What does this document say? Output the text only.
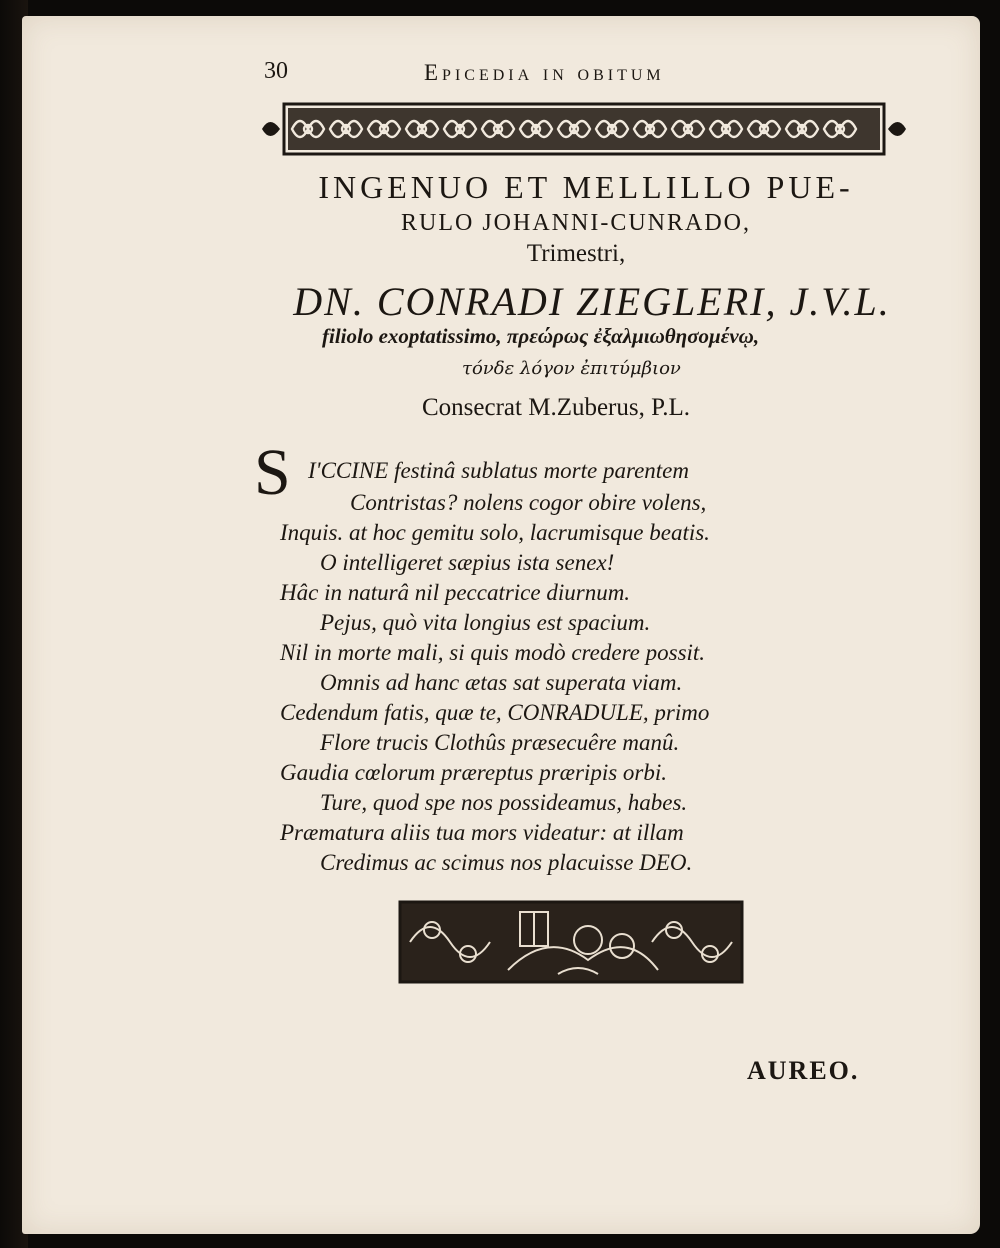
30	Epicedia in obitum
INGENUO ET MELLILLO PUE-
RULO JOHANNI-CUNRADO,
Trimestri,
DN. CONRADI ZIEGLERI, J.V.L.
filiolo exoptatissimo, πρεώρως ἐξαλμιωθησομένῳ,
τόνδε λόγον ἐπιτύμβιον
Consecrat M.Zuberus, P.L.
S I'CCINE festinâ sublatus morte parentem
Contristas? nolens cogor obire volens,
Inquis. at hoc gemitu solo, lacrumisque beatis.
O intelligeret sæpius ista senex!
Hâc in naturâ nil peccatrice diurnum.
Pejus, quò vita longius est spacium.
Nil in morte mali, si quis modò credere possit.
Omnis ad hanc ætas sat superata viam.
Cedendum fatis, quæ te, CONRADULE, primo
Flore trucis Clothûs præsecuêre manû.
Gaudia cœlorum præreptus præripis orbi.
Ture, quod spe nos possideamus, habes.
Præmatura aliis tua mors videatur: at illam
Credimus ac scimus nos placuisse DEO.
AUREO.
